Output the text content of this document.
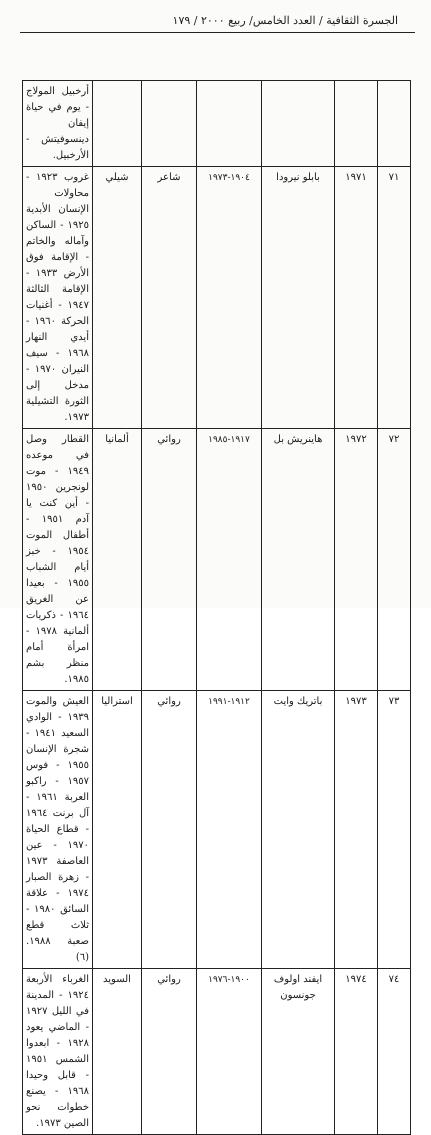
الجسرة الثقافية / العدد الخامس/ ربيع ٢٠٠٠ / ١٧٩
						أرخبيل المولاج - يوم في حياة إيفان دينسوفيتش - الأرخبيل.
٧١	١٩٧١	بابلو نيرودا	١٩٠٤-١٩٧٣	شاعر	شيلي	غروب ١٩٢٣ - محاولات الإنسان الأبدية ١٩٢٥ - الساكن وآماله والخاتم - الإقامة فوق الأرض ١٩٣٣ - الإقامة الثالثة ١٩٤٧ - أغنيات الحركة ١٩٦٠ - أيدي النهار ١٩٦٨ - سيف النيران ١٩٧٠ - مدخل إلى الثورة التشيلية ١٩٧٣.
٧٢	١٩٧٢	هاينريش بل	١٩١٧-١٩٨٥	روائي	ألمانيا	القطار وصل في موعده ١٩٤٩ - موت لونجرين ١٩٥٠ - أين كنت يا آدم ١٩٥١ - أطفال الموت ١٩٥٤ - خبز أيام الشباب ١٩٥٥ - بعيدا عن الغريق ١٩٦٤ - ذكريات ألمانية ١٩٧٨ - امرأة أمام منظر بشم ١٩٨٥.
٧٣	١٩٧٣	باتريك وايت	١٩١٢-١٩٩١	روائي	استراليا	العيش والموت ١٩٣٩ - الوادي السعيد ١٩٤١ - شجرة الإنسان ١٩٥٥ - فوس ١٩٥٧ - راكبو العربة ١٩٦١ - آل برنت ١٩٦٤ - قطاع الحياة ١٩٧٠ - عين العاصفة ١٩٧٣ - زهرة الصبار ١٩٧٤ - علاقة السائق ١٩٨٠ - ثلاث قطع صعبة ١٩٨٨. (٦)
٧٤	١٩٧٤	ايفند اولوف جونسون	١٩٠٠-١٩٧٦	روائي	السويد	الغرباء الأربعة ١٩٢٤ - المدينة في الليل ١٩٢٧ - الماضي يعود ١٩٢٨ - ابعدوا الشمس ١٩٥١ - قابل وحيدا ١٩٦٨ - يصنع خطوات نحو الصين ١٩٧٣.
